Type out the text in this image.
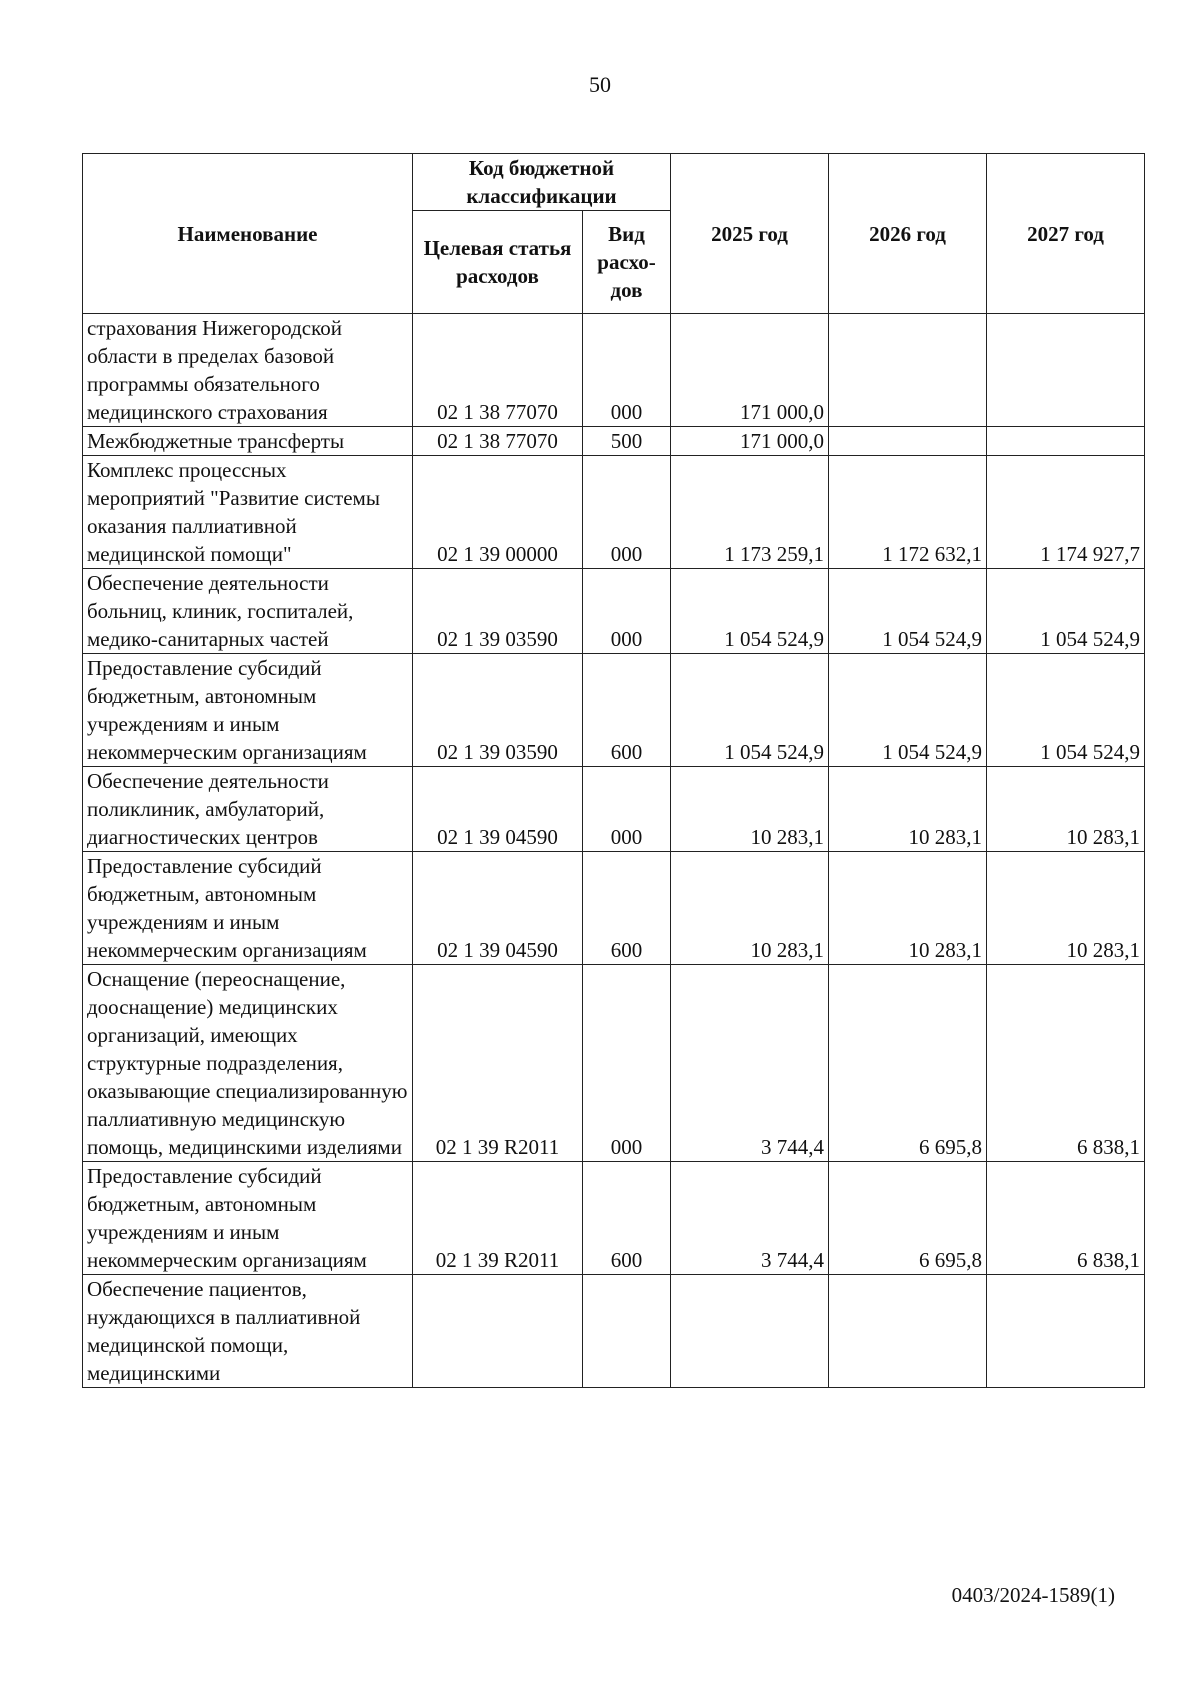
50
Наименование	Код бюджетной классификации		2025 год	2026 год	2027 год
	Целевая статья расходов	Вид расхо-дов			
страхования Нижегородской области в пределах базовой программы обязательного медицинского страхования	02 1 38 77070	000	171 000,0		
Межбюджетные трансферты	02 1 38 77070	500	171 000,0		
Комплекс процессных мероприятий "Развитие системы оказания паллиативной медицинской помощи"	02 1 39 00000	000	1 173 259,1	1 172 632,1	1 174 927,7
Обеспечение деятельности больниц, клиник, госпиталей, медико-санитарных частей	02 1 39 03590	000	1 054 524,9	1 054 524,9	1 054 524,9
Предоставление субсидий бюджетным, автономным учреждениям и иным некоммерческим организациям	02 1 39 03590	600	1 054 524,9	1 054 524,9	1 054 524,9
Обеспечение деятельности поликлиник, амбулаторий, диагностических центров	02 1 39 04590	000	10 283,1	10 283,1	10 283,1
Предоставление субсидий бюджетным, автономным учреждениям и иным некоммерческим организациям	02 1 39 04590	600	10 283,1	10 283,1	10 283,1
Оснащение (переоснащение, дооснащение) медицинских организаций, имеющих структурные подразделения, оказывающие специализированную паллиативную медицинскую помощь, медицинскими изделиями	02 1 39 R2011	000	3 744,4	6 695,8	6 838,1
Предоставление субсидий бюджетным, автономным учреждениям и иным некоммерческим организациям	02 1 39 R2011	600	3 744,4	6 695,8	6 838,1
Обеспечение пациентов, нуждающихся в паллиативной медицинской помощи, медицинскими					
0403/2024-1589(1)
